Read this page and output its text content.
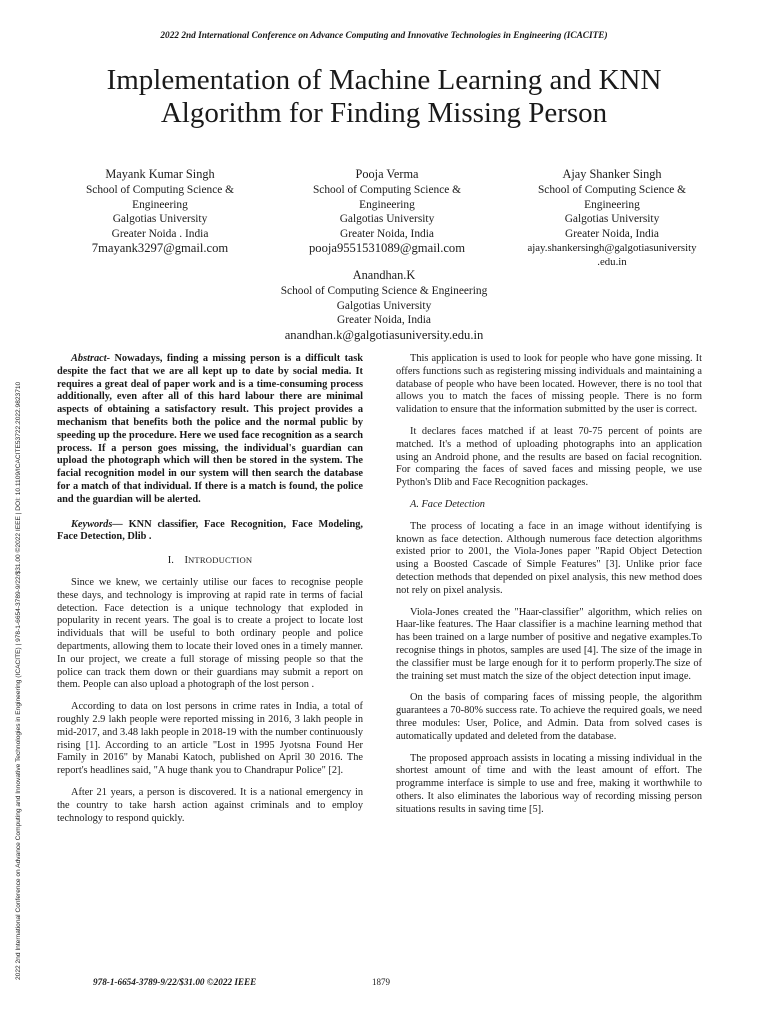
2022 2nd International Conference on Advance Computing and Innovative Technologies in Engineering (ICACITE)
2022 2nd International Conference on Advance Computing and Innovative Technologies in Engineering (ICACITE) | 978-1-6654-3789-9/22/$31.00 ©2022 IEEE | DOI: 10.1109/ICACITE53722.2022.9823710
Implementation of Machine Learning and KNN
Algorithm for Finding Missing Person
Mayank Kumar Singh
School of Computing Science &
Engineering
Galgotias University
Greater Noida . India
7mayank3297@gmail.com
Pooja Verma
School of Computing Science &
Engineering
Galgotias University
Greater Noida, India
pooja9551531089@gmail.com
Ajay Shanker Singh
School of Computing Science &
Engineering
Galgotias University
Greater Noida, India
ajay.shankersingh@galgotiasuniversity
.edu.in
Anandhan.K
School of Computing Science & Engineering
Galgotias University
Greater Noida, India
anandhan.k@galgotiasuniversity.edu.in

Abstract- Nowadays, finding a missing person is a difficult task despite the fact that we are all kept up to date by social media. It requires a great deal of paper work and is a time-consuming process additionally, even after all of this hard labour there are minimal aspects of obtaining a satisfactory result. This project provides a mechanism that benefits both the police and the normal public by speeding up the procedure. Here we used face recognition as a search process. If a person goes missing, the individual's guardian can upload the photograph which will then be stored in the system. The facial recognition model in our system will then search the database for a match of that individual. If there is a match is found, the police and the guardian will be alerted.

Keywords— KNN classifier, Face Recognition, Face Modeling, Face Detection, Dlib .

I. INTRODUCTION

Since we knew, we certainly utilise our faces to recognise people these days, and technology is improving at rapid rate in terms of facial detection. Face detection is a unique technology that exploded in popularity in recent years. The goal is to create a project to locate lost individuals that will be useful to both ordinary people and police departments, allowing them to locate their loved ones in a timely manner. In our project, we create a full storage of missing people so that the police can track them down or their guardians may submit a report on them. People can also upload a photograph of the lost person .

According to data on lost persons in crime rates in India, a total of roughly 2.9 lakh people were reported missing in 2016, 3 lakh people in mid-2017, and 3.48 lakh people in 2018-19 with the number continuously rising [1]. According to an article "Lost in 1995 Jyotsna Found Her Family in 2016" by Manabi Katoch, published on April 30 2016. The report's headlines said, "A huge thank you to Chandrapur Police" [2].

After 21 years, a person is discovered. It is a national emergency in the country to take harsh action against criminals and to employ technology to respond quickly.

This application is used to look for people who have gone missing. It offers functions such as registering missing individuals and maintaining a database of people who have been located. However, there is no tool that allows you to match the faces of missing people. There is no form validation to ensure that the information submitted by the user is correct.

It declares faces matched if at least 70-75 percent of points are matched. It's a method of uploading photographs into an application using an Android phone, and the results are based on facial recognition. For comparing the faces of saved faces and missing people, we use Python's Dlib and Face Recognition packages.

A. Face Detection

The process of locating a face in an image without identifying is known as face detection. Although numerous face detection algorithms existed prior to 2001, the Viola-Jones paper "Rapid Object Detection using a Boosted Cascade of Simple Features" [3]. Unlike prior face detection methods that depended on pixel analysis, this new method does not rely on pixel analysis.

Viola-Jones created the "Haar-classifier" algorithm, which relies on Haar-like features. The Haar classifier is a machine learning method that has been trained on a large number of positive and negative examples.To recognise things in photos, samples are used [4]. The size of the image in the classifier must be large enough for it to perform properly.The size of the training set must match the size of the object detection input image.

On the basis of comparing faces of missing people, the algorithm guarantees a 70-80% success rate. To achieve the required goals, we need three modules: User, Police, and Admin. Data from solved cases is automatically updated and deleted from the database.

The proposed approach assists in locating a missing individual in the shortest amount of time and with the least amount of effort. The programme interface is simple to use and free, making it worthwhile to others. It also eliminates the laborious way of recording missing person situations results in saving time [5].

978-1-6654-3789-9/22/$31.00 ©2022 IEEE	1879
